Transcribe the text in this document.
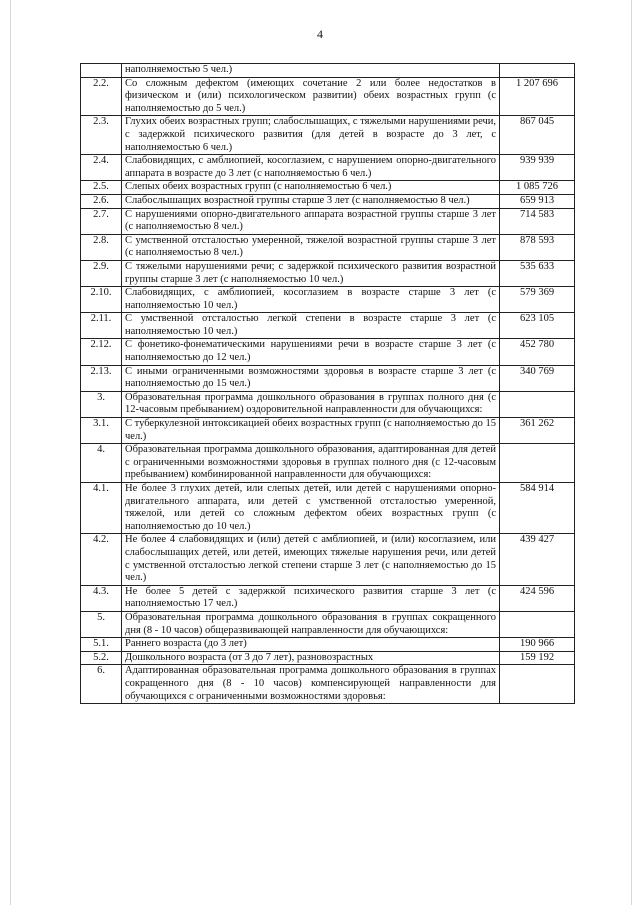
4
	наполняемостью 5 чел.)	
2.2.	Со сложным дефектом (имеющих сочетание 2 или более недостатков в физическом и (или) психологическом развитии) обеих возрастных групп (с наполняемостью до 5 чел.)	1 207 696
2.3.	Глухих обеих возрастных групп; слабослышащих, с тяжелыми нарушениями речи, с задержкой психического развития (для детей в возрасте до 3 лет, с наполняемостью 6 чел.)	867 045
2.4.	Слабовидящих, с амблиопией, косоглазием, с нарушением опорно-двигательного аппарата в возрасте до 3 лет (с наполняемостью 6 чел.)	939 939
2.5.	Слепых обеих возрастных групп (с наполняемостью 6 чел.)	1 085 726
2.6.	Слабослышащих возрастной группы старше 3 лет (с наполняемостью 8 чел.)	659 913
2.7.	С нарушениями опорно-двигательного аппарата возрастной группы старше 3 лет (с наполняемостью 8 чел.)	714 583
2.8.	С умственной отсталостью умеренной, тяжелой возрастной группы старше 3 лет (с наполняемостью 8 чел.)	878 593
2.9.	С тяжелыми нарушениями речи; с задержкой психического развития возрастной группы старше 3 лет (с наполняемостью 10 чел.)	535 633
2.10.	Слабовидящих, с амблиопией, косоглазием в возрасте старше 3 лет (с наполняемостью 10 чел.)	579 369
2.11.	С умственной отсталостью легкой степени в возрасте старше 3 лет (с наполняемостью 10 чел.)	623 105
2.12.	С фонетико-фонематическими нарушениями речи в возрасте старше 3 лет (с наполняемостью до 12 чел.)	452 780
2.13.	С иными ограниченными возможностями здоровья в возрасте старше 3 лет (с наполняемостью до 15 чел.)	340 769
3.	Образовательная программа дошкольного образования в группах полного дня (с 12-часовым пребыванием) оздоровительной направленности для обучающихся:	
3.1.	С туберкулезной интоксикацией обеих возрастных групп (с наполняемостью до 15 чел.)	361 262
4.	Образовательная программа дошкольного образования, адаптированная для детей с ограниченными возможностями здоровья в группах полного дня (с 12-часовым пребыванием) комбинированной направленности для обучающихся:	
4.1.	Не более 3 глухих детей, или слепых детей, или детей с нарушениями опорно-двигательного аппарата, или детей с умственной отсталостью умеренной, тяжелой, или детей со сложным дефектом обеих возрастных групп (с наполняемостью до 10 чел.)	584 914
4.2.	Не более 4 слабовидящих и (или) детей с амблиопией, и (или) косоглазием, или слабослышащих детей, или детей, имеющих тяжелые нарушения речи, или детей с умственной отсталостью легкой степени старше 3 лет (с наполняемостью до 15 чел.)	439 427
4.3.	Не более 5 детей с задержкой психического развития старше 3 лет (с наполняемостью 17 чел.)	424 596
5.	Образовательная программа дошкольного образования в группах сокращенного дня (8 - 10 часов) общеразвивающей направленности для обучающихся:	
5.1.	Раннего возраста (до 3 лет)	190 966
5.2.	Дошкольного возраста (от 3 до 7 лет), разновозрастных	159 192
6.	Адаптированная образовательная программа дошкольного образования в группах сокращенного дня (8 - 10 часов) компенсирующей направленности для обучающихся с ограниченными возможностями здоровья:	
